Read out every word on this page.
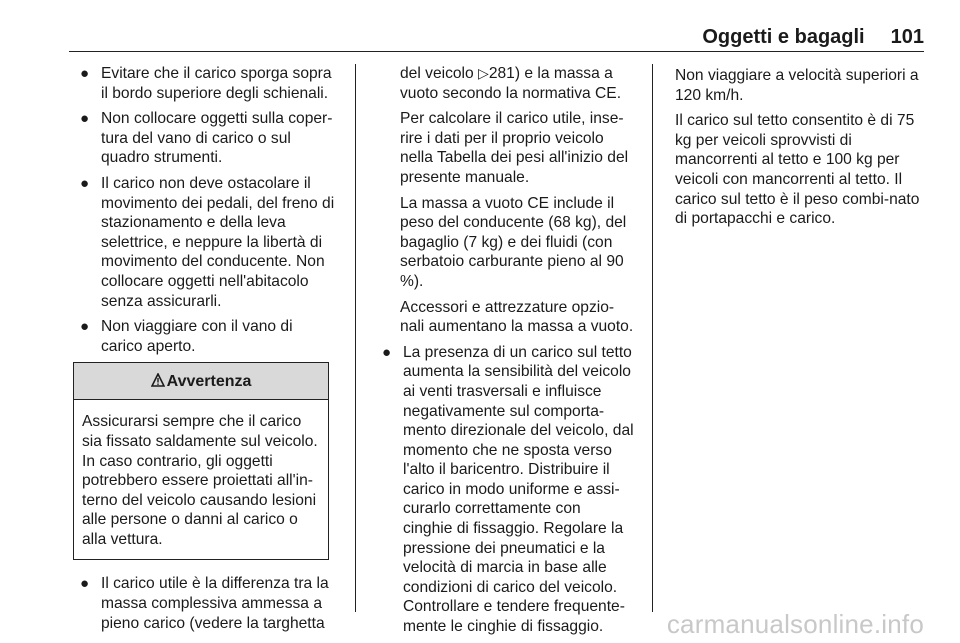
Oggetti e bagagli 101
● Evitare che il carico sporga sopra il bordo superiore degli schienali.
● Non collocare oggetti sulla coper-tura del vano di carico o sul quadro strumenti.
● Il carico non deve ostacolare il movimento dei pedali, del freno di stazionamento e della leva selettrice, e neppure la libertà di movimento del conducente. Non collocare oggetti nell'abitacolo senza assicurarli.
● Non viaggiare con il vano di carico aperto.
Avvertenza
Assicurarsi sempre che il carico sia fissato saldamente sul veicolo. In caso contrario, gli oggetti potrebbero essere proiettati all'in-terno del veicolo causando lesioni alle persone o danni al carico o alla vettura.
● Il carico utile è la differenza tra la massa complessiva ammessa a pieno carico (vedere la targhetta

del veicolo ▷281) e la massa a vuoto secondo la normativa CE.

Per calcolare il carico utile, inse-rire i dati per il proprio veicolo nella Tabella dei pesi all'inizio del presente manuale.

La massa a vuoto CE include il peso del conducente (68 kg), del bagaglio (7 kg) e dei fluidi (con serbatoio carburante pieno al 90 %).

Accessori e attrezzature opzio-nali aumentano la massa a vuoto.

● La presenza di un carico sul tetto aumenta la sensibilità del veicolo ai venti trasversali e influisce negativamente sul comporta-mento direzionale del veicolo, dal momento che ne sposta verso l'alto il baricentro. Distribuire il carico in modo uniforme e assi-curarlo correttamente con cinghie di fissaggio. Regolare la pressione dei pneumatici e la velocità di marcia in base alle condizioni di carico del veicolo. Controllare e tendere frequente-mente le cinghie di fissaggio.

Non viaggiare a velocità superiori a 120 km/h.

Il carico sul tetto consentito è di 75 kg per veicoli sprovvisti di mancorrenti al tetto e 100 kg per veicoli con mancorrenti al tetto. Il carico sul tetto è il peso combi-nato di portapacchi e carico.

carmanualsonline.info
